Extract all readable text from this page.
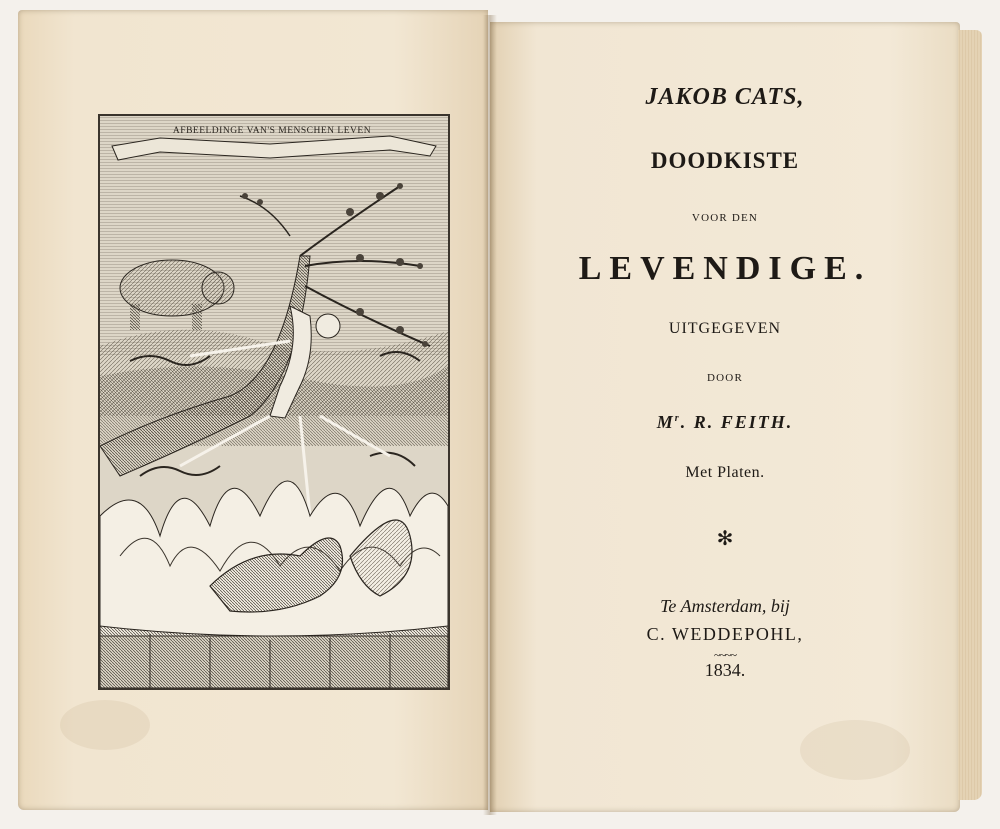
AFBEELDINGE VAN'S MENSCHEN LEVEN
JAKOB CATS,
DOODKISTE
VOOR DEN
LEVENDIGE.
UITGEGEVEN
DOOR
$M^r$. R. FEITH.
Met Platen.
✻
Te Amsterdam, bij
C. WEDDEPOHL,
~~~~
1834.
